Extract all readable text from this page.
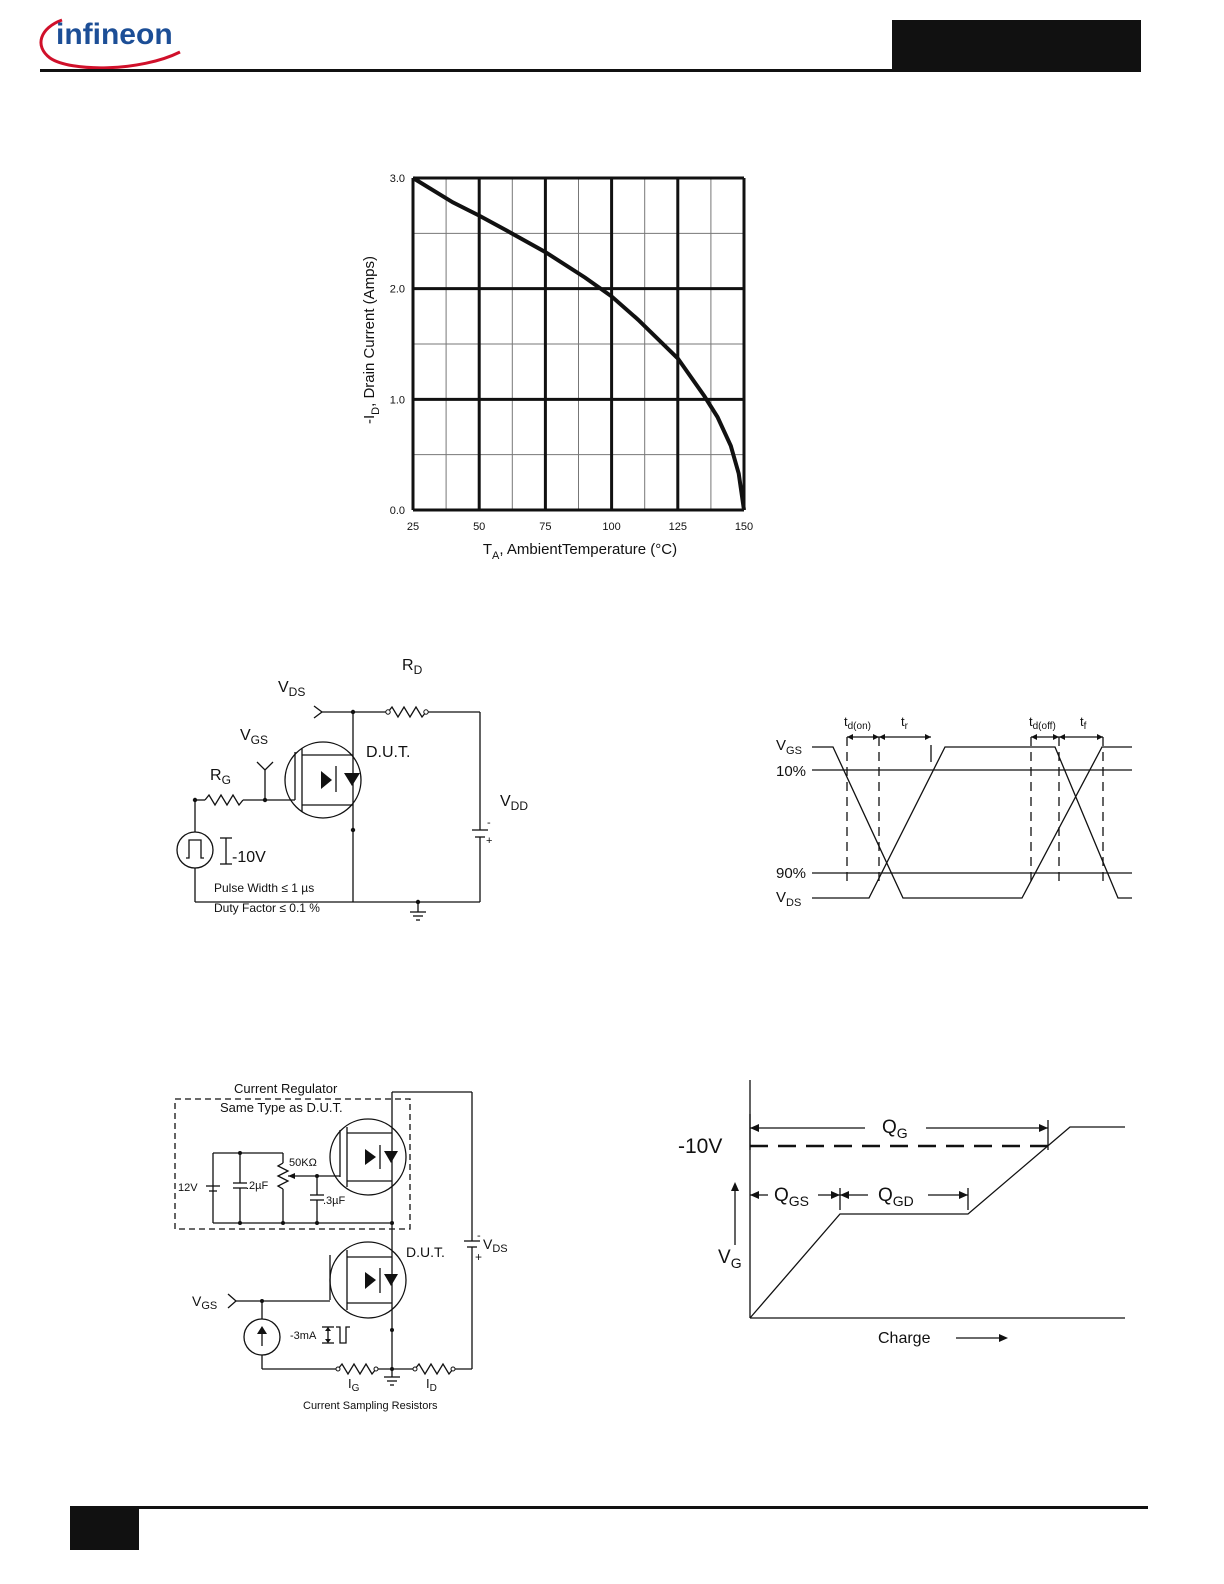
infineon
25	50	75	100	125	150
0.0
1.0
2.0
3.0
$-I_D$, Drain Current (Amps)
$T_A$, AmbientTemperature (°C)
$R_D$
$V_{DS}$
$V_{GS}$
$R_G$
D.U.T.
-
+
$V_{DD}$
-10V
Pulse Width ≤ 1 µs
Duty Factor ≤ 0.1 %
$t_{d(on)}$ $t_r$	$t_{d(off)}$ $t_f$
$V_{GS}$
10%
90%
$V_{DS}$
Current Regulator
Same Type as D.U.T.
50KΩ
12V	.2µF
.3µF
D.U.T.
- $V_{DS}$
+
$V_{GS}$
-3mA
$I_G$	$I_D$
Current Sampling Resistors
$Q_G$
-10V
$Q_{GS}$	$Q_{GD}$
$V_G$
Charge
